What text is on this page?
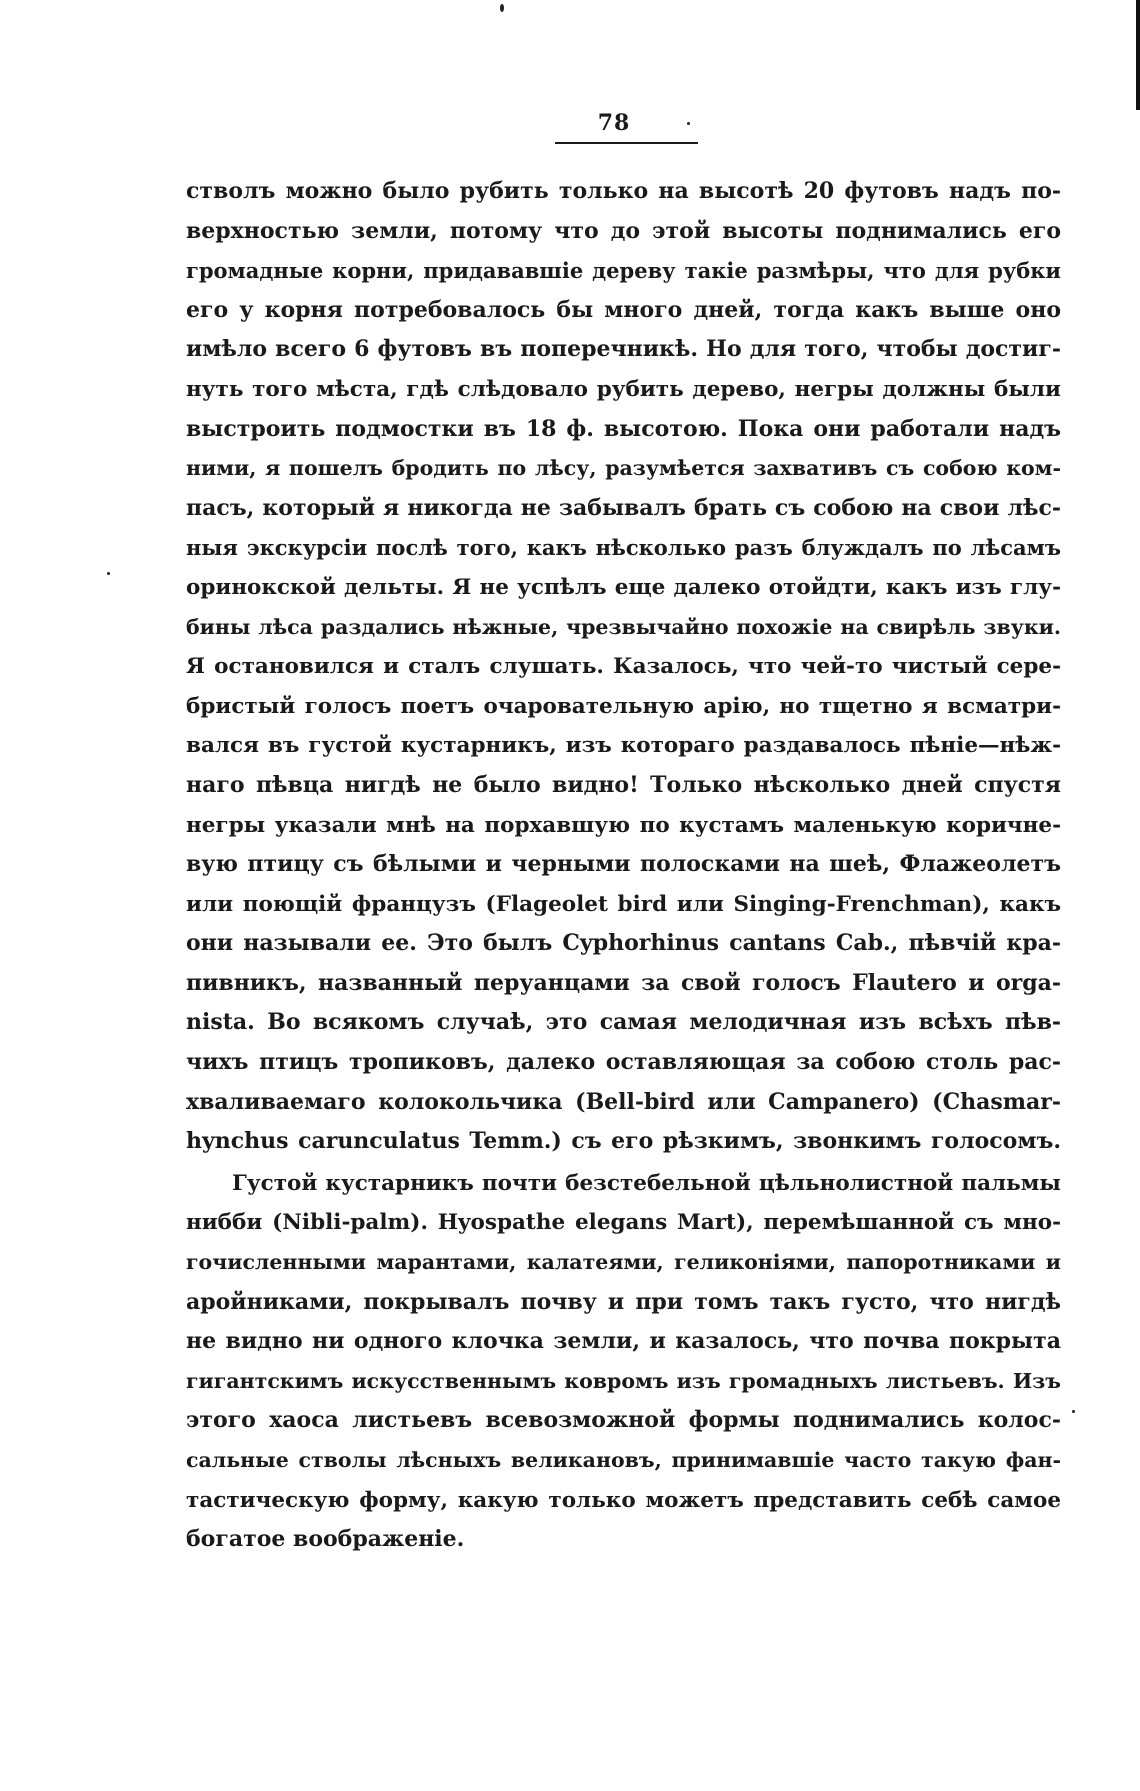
78
стволъ можно было рубить только на высотѣ 20 футовъ надъ по-
верхностью земли, потому что до этой высоты поднимались его
громадные корни, придававшіе дереву такіе размѣры, что для рубки
его у корня потребовалось бы много дней, тогда какъ выше оно
имѣло всего 6 футовъ въ поперечникѣ. Но для того, чтобы достиг-
нуть того мѣста, гдѣ слѣдовало рубить дерево, негры должны были
выстроить подмостки въ 18 ф. высотою. Пока они работали надъ
ними, я пошелъ бродить по лѣсу, разумѣется захвативъ съ собою ком-
пасъ, который я никогда не забывалъ брать съ собою на свои лѣс-
ныя экскурсіи послѣ того, какъ нѣсколько разъ блуждалъ по лѣсамъ
оринокской дельты. Я не успѣлъ еще далеко отойдти, какъ изъ глу-
бины лѣса раздались нѣжные, чрезвычайно похожіе на свирѣль звуки.
Я остановился и сталъ слушать. Казалось, что чей-то чистый сере-
бристый голосъ поетъ очаровательную арію, но тщетно я всматри-
вался въ густой кустарникъ, изъ котораго раздавалось пѣніе—нѣж-
наго пѣвца нигдѣ не было видно! Только нѣсколько дней спустя
негры указали мнѣ на порхавшую по кустамъ маленькую коричне-
вую птицу съ бѣлыми и черными полосками на шеѣ, Флажеолетъ
или поющій французъ (Flageolet bird или Singing-Frenchman), какъ
они называли ее. Это былъ Cyphorhinus cantans Cab., пѣвчій кра-
пивникъ, названный перуанцами за свой голосъ Flautero и orga-
nista. Во всякомъ случаѣ, это самая мелодичная изъ всѣхъ пѣв-
чихъ птицъ тропиковъ, далеко оставляющая за собою столь рас-
хваливаемаго колокольчика (Bell-bird или Campanero) (Chasmar-
hynchus carunculatus Temm.) съ его рѣзкимъ, звонкимъ голосомъ.
Густой кустарникъ почти безстебельной цѣльнолистной пальмы
нибби (Nibli-palm). Hyospathe elegans Mart), перемѣшанной съ мно-
гочисленными марантами, калатеями, геликоніями, папоротниками и
аройниками, покрывалъ почву и при томъ такъ густо, что нигдѣ
не видно ни одного клочка земли, и казалось, что почва покрыта
гигантскимъ искусственнымъ ковромъ изъ громадныхъ листьевъ. Изъ
этого хаоса листьевъ всевозможной формы поднимались колос-
сальные стволы лѣсныхъ великановъ, принимавшіе часто такую фан-
тастическую форму, какую только можетъ представить себѣ самое
богатое воображеніе.
